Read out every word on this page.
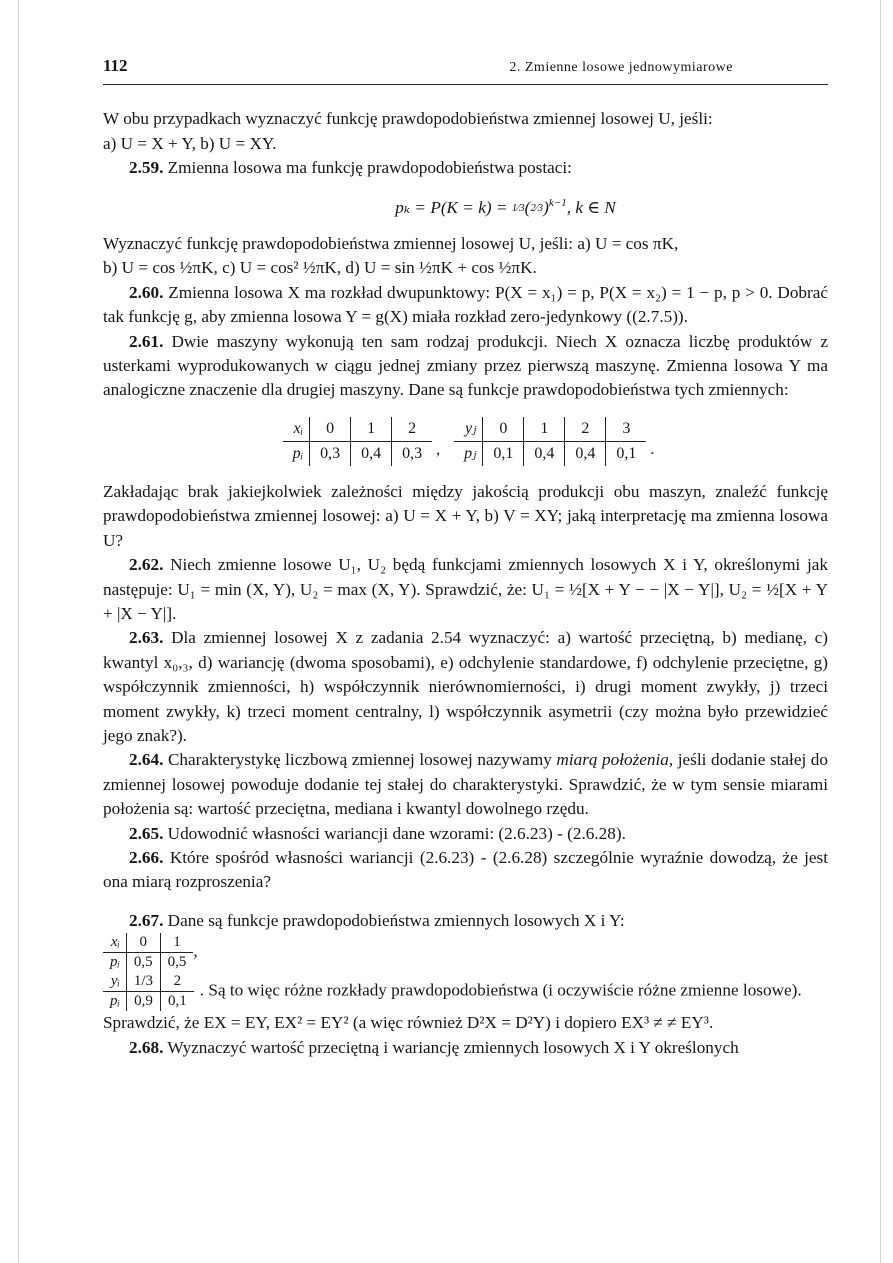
112	2. Zmienne losowe jednowymiarowe

W obu przypadkach wyznaczyć funkcję prawdopodobieństwa zmiennej losowej U, jeśli:
a) U = X + Y, b) U = XY.

2.59. Zmienna losowa ma funkcję prawdopodobieństwa postaci:

pₖ = P(K = k) = 1⁄3(2⁄3)$^{k-1}$, k ∈ N

Wyznaczyć funkcję prawdopodobieństwa zmiennej losowej U, jeśli: a) U = cos πK,
b) U = cos ½πK, c) U = cos² ½πK, d) U = sin ½πK + cos ½πK.

2.60. Zmienna losowa X ma rozkład dwupunktowy: P(X = x₁) = p, P(X = x₂) = 1 − p, p > 0. Dobrać tak funkcję g, aby zmienna losowa Y = g(X) miała rozkład zero-jedynkowy ((2.7.5)).

2.61. Dwie maszyny wykonują ten sam rodzaj produkcji. Niech X oznacza liczbę produktów z usterkami wyprodukowanych w ciągu jednej zmiany przez pierwszą maszynę. Zmienna losowa Y ma analogiczne znaczenie dla drugiej maszyny. Dane są funkcje prawdopodobieństwa tych zmiennych:

xᵢ	0	1	2
pᵢ	0,3	0,4	0,3 ,
yⱼ	0	1	2	3
pⱼ	0,1	0,4	0,4	0,1 .

Zakładając brak jakiejkolwiek zależności między jakością produkcji obu maszyn, znaleźć funkcję prawdopodobieństwa zmiennej losowej: a) U = X + Y, b) V = XY; jaką interpretację ma zmienna losowa U?

2.62. Niech zmienne losowe U₁, U₂ będą funkcjami zmiennych losowych X i Y, określonymi jak następuje: U₁ = min (X, Y), U₂ = max (X, Y). Sprawdzić, że: U₁ = ½[X + Y − − |X − Y|], U₂ = ½[X + Y + |X − Y|].

2.63. Dla zmiennej losowej X z zadania 2.54 wyznaczyć: a) wartość przeciętną, b) medianę, c) kwantyl x₀,₃, d) wariancję (dwoma sposobami), e) odchylenie standardowe, f) odchylenie przeciętne, g) współczynnik zmienności, h) współczynnik nierównomierności, i) drugi moment zwykły, j) trzeci moment zwykły, k) trzeci moment centralny, l) współczynnik asymetrii (czy można było przewidzieć jego znak?).

2.64. Charakterystykę liczbową zmiennej losowej nazywamy miarą położenia, jeśli dodanie stałej do zmiennej losowej powoduje dodanie tej stałej do charakterystyki. Sprawdzić, że w tym sensie miarami położenia są: wartość przeciętna, mediana i kwantyl dowolnego rzędu.

2.65. Udowodnić własności wariancji dane wzorami: (2.6.23) - (2.6.28).

2.66. Które spośród własności wariancji (2.6.23) - (2.6.28) szczególnie wyraźnie dowodzą, że jest ona miarą rozproszenia?

2.67. Dane są funkcje prawdopodobieństwa zmiennych losowych X i Y:

xᵢ	0	1
pᵢ	0,5	0,5,

yᵢ	1/3	2
pᵢ	0,9	0,1. Są to więc różne rozkłady prawdopodobieństwa (i oczywiście różne zmienne losowe). Sprawdzić, że EX = EY, EX² = EY² (a więc również D²X = D²Y) i dopiero EX³ ≠ ≠ EY³.

2.68. Wyznaczyć wartość przeciętną i wariancję zmiennych losowych X i Y określonych
